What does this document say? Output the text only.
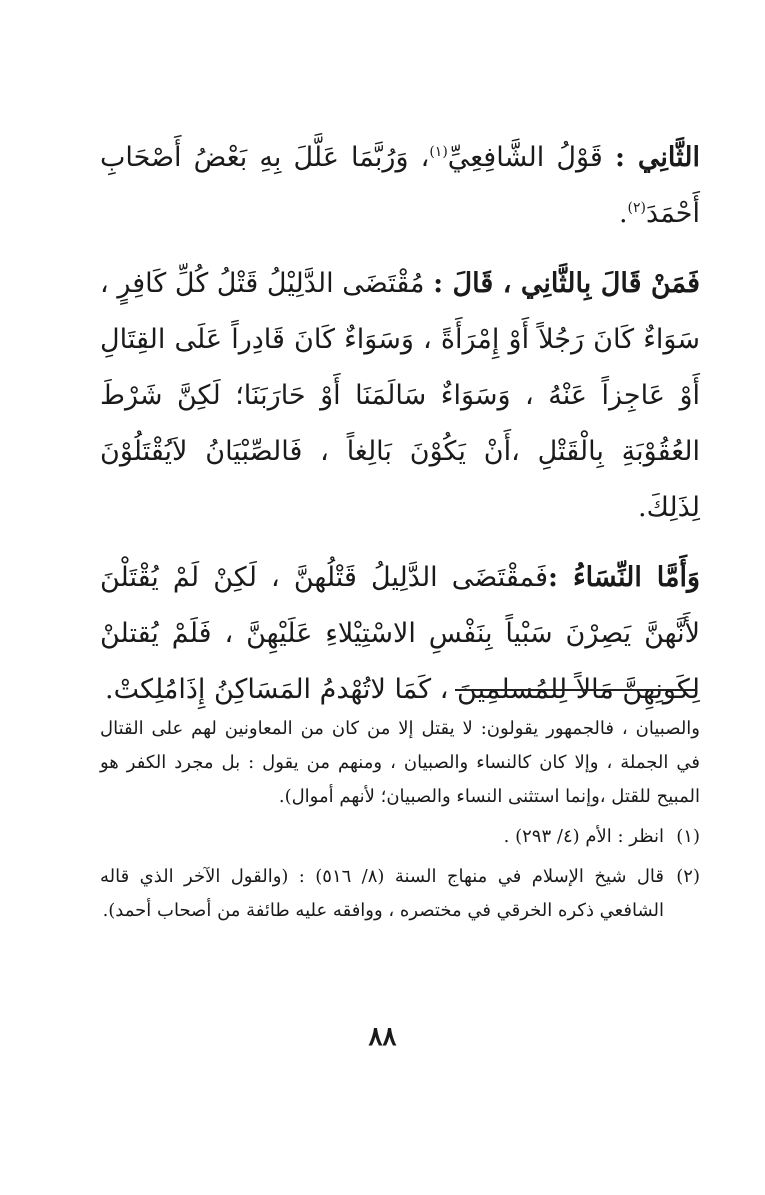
الثَّانِي : قَوْلُ الشَّافِعِيِّ$^{(١)}$، وَرُبَّمَا عَلَّلَ بِهِ بَعْضُ أَصْحَابِ أَحْمَدَ$^{(٢)}$.

فَمَنْ قَالَ بِالثَّانِي ، قَالَ : مُقْتَضَى الدَّلِيْلُ قَتْلُ كُلِّ كَافِرٍ ، سَوَاءٌ كَانَ رَجُلاً أَوْ إِمْرَأَةً ، وَسَوَاءٌ كَانَ قَادِراً عَلَى القِتَالِ أَوْ عَاجِزاً عَنْهُ ، وَسَوَاءٌ سَالَمَنَا أَوْ حَارَبَنَا؛ لَكِنَّ شَرْطَ العُقُوْبَةِ بِالْقَتْلِ ،أَنْ يَكُوْنَ بَالِغاً ، فَالصِّبْيَانُ لاَيُقْتَلُوْنَ لِذَلِكَ.

وَأَمَّا النِّسَاءُ :فَمقْتَضَى الدَّلِيلُ قَتْلُهنَّ ، لَكِنْ لَمْ يُقْتَلْنَ لأَنَّهنَّ يَصِرْنَ سَبْياً بِنَفْسِ الاسْتِيْلاءِ عَلَيْهِنَّ ، فَلَمْ يُقتلنْ لِكَونِهِنَّ مَالاً لِلمُسلمِينَ ، كَمَا لاتُهْدمُ المَسَاكِنُ إِذَامُلِكتْ.

والصبيان ، فالجمهور يقولون: لا يقتل إلا من كان من المعاونين لهم على القتال في الجملة ، وإلا كان كالنساء والصبيان ، ومنهم من يقول : بل مجرد الكفر هو المبيح للقتل ،وإنما استثنى النساء والصبيان؛ لأنهم أموال).

(١)
انظر : الأم (٤/ ٢٩٣) .
(٢)
قال شيخ الإسلام في منهاج السنة (٨/ ٥١٦) : (والقول الآخر الذي قاله الشافعي ذكره الخرقي في مختصره ، ووافقه عليه طائفة من أصحاب أحمد).
٨٨
